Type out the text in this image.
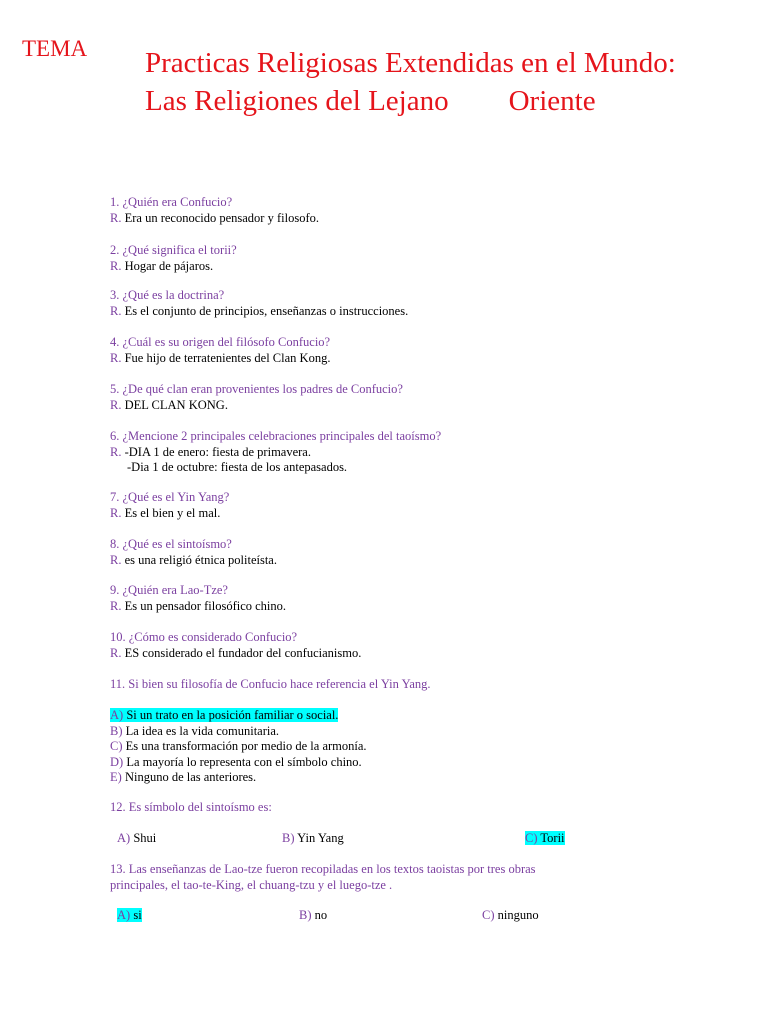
TEMA Practicas Religiosas Extendidas en el Mundo:
Las Religiones del Lejano Oriente
1. ¿Quién era Confucio?
R. Era un reconocido pensador y filosofo.
2. ¿Qué significa el torii?
R. Hogar de pájaros.
3. ¿Qué es la doctrina?
R. Es el conjunto de principios, enseñanzas o instrucciones.
4. ¿Cuál es su origen del filósofo Confucio?
R. Fue hijo de terratenientes del Clan Kong.
5. ¿De qué clan eran provenientes los padres de Confucio?
R. DEL CLAN KONG.
6. ¿Mencione 2 principales celebraciones principales del taoísmo?
R. -DIA 1 de enero: fiesta de primavera.
-Dia 1 de octubre: fiesta de los antepasados.
7. ¿Qué es el Yin Yang?
R. Es el bien y el mal.
8. ¿Qué es el sintoísmo?
R. es una religió étnica politeísta.
9. ¿Quién era Lao-Tze?
R. Es un pensador filosófico chino.
10. ¿Cómo es considerado Confucio?
R. ES considerado el fundador del confucianismo.
11. Si bien su filosofía de Confucio hace referencia el Yin Yang.
A) Si un trato en la posición familiar o social.
B) La idea es la vida comunitaria.
C) Es una transformación por medio de la armonía.
D) La mayoría lo representa con el símbolo chino.
E) Ninguno de las anteriores.
12. Es símbolo del sintoísmo es:
A) Shui	B) Yin Yang	C) Torii
13. Las enseñanzas de Lao-tze fueron recopiladas en los textos taoistas por tres obras
principales, el tao-te-King, el chuang-tzu y el luego-tze .
A) si	B) no	C) ninguno
